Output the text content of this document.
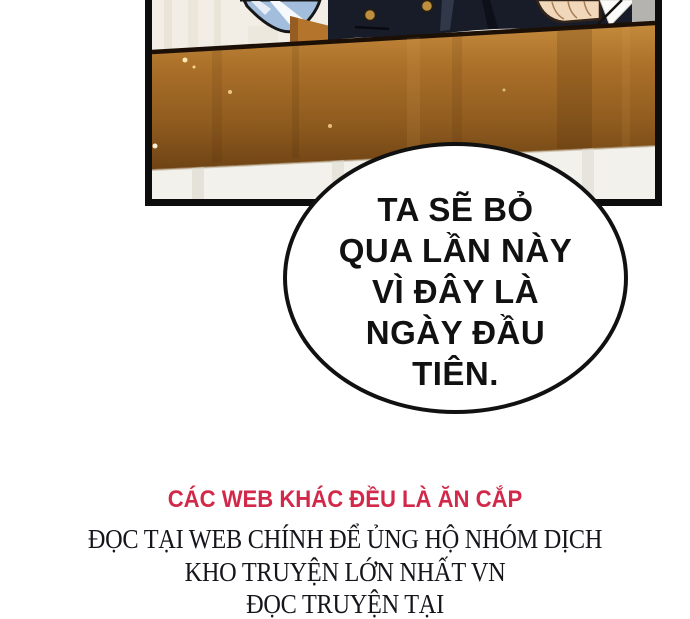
TA SẼ BỎ
QUA LẦN NÀY
VÌ ĐÂY LÀ
NGÀY ĐẦU
TIÊN.
CÁC WEB KHÁC ĐỀU LÀ ĂN CẮP
ĐỌC TẠI WEB CHÍNH ĐỂ ỦNG HỘ NHÓM DỊCH
KHO TRUYỆN LỚN NHẤT VN
ĐỌC TRUYỆN TẠI
